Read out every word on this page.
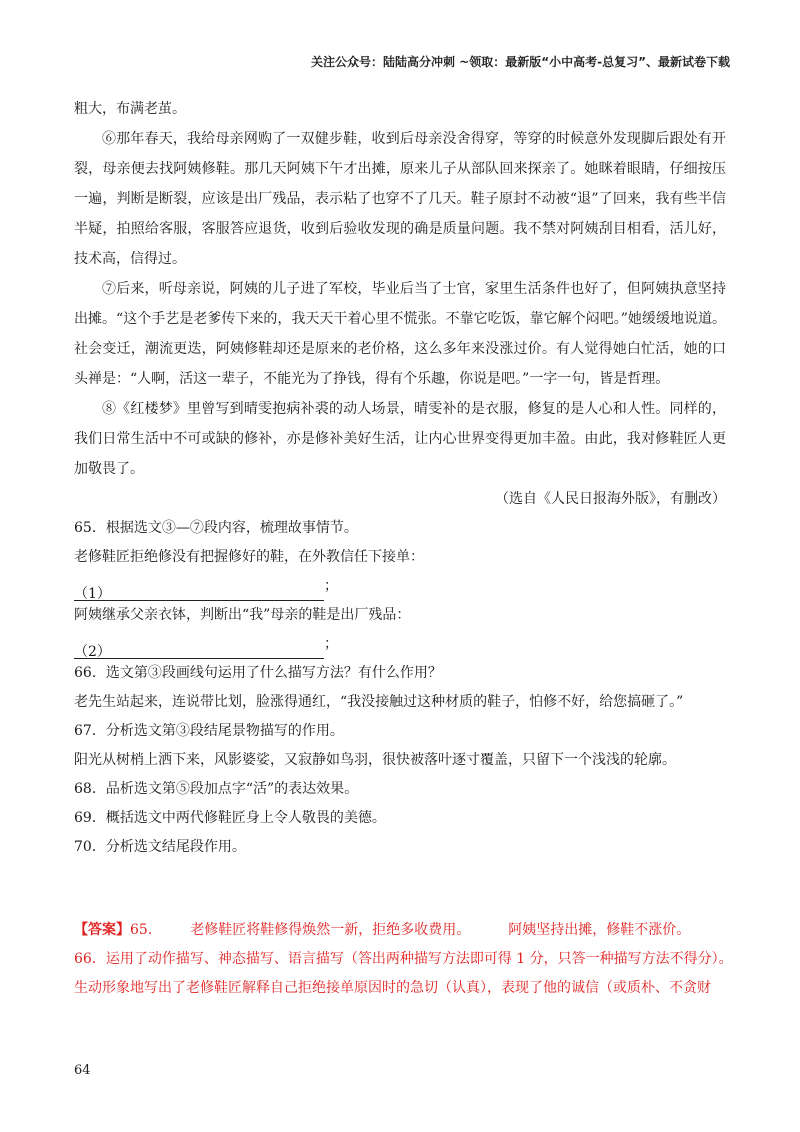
关注公众号：陆陆高分冲刺 ~领取：最新版“小中高考-总复习”、最新试卷下载

粗大，布满老茧。

⑥那年春天，我给母亲网购了一双健步鞋，收到后母亲没舍得穿，等穿的时候意外发现脚后跟处有开裂，母亲便去找阿姨修鞋。那几天阿姨下午才出摊，原来儿子从部队回来探亲了。她眯着眼睛，仔细按压一遍，判断是断裂，应该是出厂残品，表示粘了也穿不了几天。鞋子原封不动被“退”了回来，我有些半信半疑，拍照给客服，客服答应退货，收到后验收发现的确是质量问题。我不禁对阿姨刮目相看，活儿好，技术高，信得过。

⑦后来，听母亲说，阿姨的儿子进了军校，毕业后当了士官，家里生活条件也好了，但阿姨执意坚持出摊。“这个手艺是老爹传下来的，我天天干着心里不慌张。不靠它吃饭，靠它解个闷吧。”她缓缓地说道。社会变迁，潮流更迭，阿姨修鞋却还是原来的老价格，这么多年来没涨过价。有人觉得她白忙活，她的口头禅是：“人啊，活这一辈子，不能光为了挣钱，得有个乐趣，你说是吧。”一字一句，皆是哲理。

⑧《红楼梦》里曾写到晴雯抱病补裘的动人场景，晴雯补的是衣服，修复的是人心和人性。同样的，我们日常生活中不可或缺的修补，亦是修补美好生活，让内心世界变得更加丰盈。由此，我对修鞋匠人更加敬畏了。

（选自《人民日报海外版》，有删改）

65．根据选文③—⑦段内容，梳理故事情节。

老修鞋匠拒绝修没有把握修好的鞋，在外教信任下接单：

（1）	；

阿姨继承父亲衣钵，判断出“我”母亲的鞋是出厂残品：

（2）	；

66．选文第③段画线句运用了什么描写方法？有什么作用？

老先生站起来，连说带比划，脸涨得通红，“我没接触过这种材质的鞋子，怕修不好，给您搞砸了。”

67．分析选文第③段结尾景物描写的作用。

阳光从树梢上洒下来，风影婆娑，又寂静如鸟羽，很快被落叶逐寸覆盖，只留下一个浅浅的轮廓。

68．品析选文第⑤段加点字“活”的表达效果。

69．概括选文中两代修鞋匠身上令人敬畏的美德。

70．分析选文结尾段作用。

【答案】65.	老修鞋匠将鞋修得焕然一新，拒绝多收费用。	阿姨坚持出摊，修鞋不涨价。

66．运用了动作描写、神态描写、语言描写（答出两种描写方法即可得 1 分，只答一种描写方法不得分）。

生动形象地写出了老修鞋匠解释自己拒绝接单原因时的急切（认真），表现了他的诚信（或质朴、不贪财

64
